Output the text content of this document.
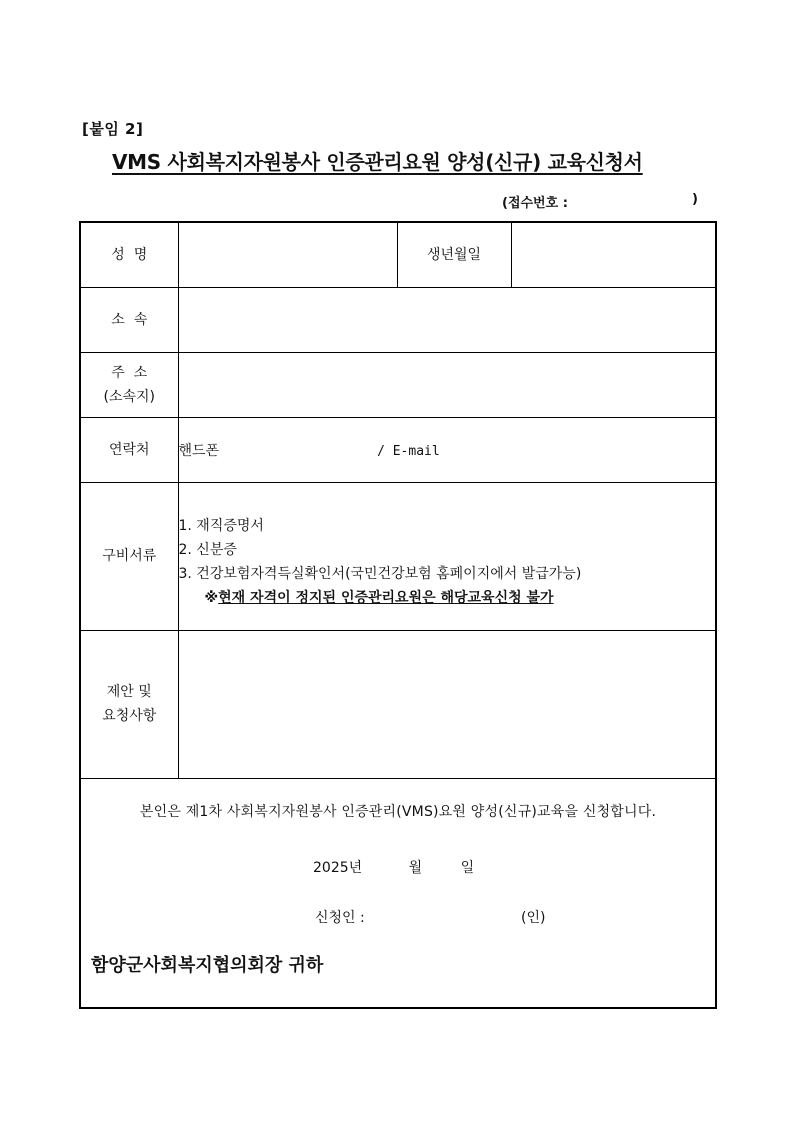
[붙임 2]
VMS 사회복지자원봉사 인증관리요원 양성(신규) 교육신청서
(접수번호 :	)
성  명		생년월일	
소  속			

주  소
(소속지)			

연락처	핸드폰 / E-mail		
구비서류	1. 재직증명서
2. 신분증
3. 건강보험자격득실확인서(국민건강보험 홈페이지에서 발급가능)
※현재 자격이 정지된 인증관리요원은 해당교육신청 불가		

제안 및
요청사항			

본인은 제1차 사회복지자원봉사 인증관리(VMS)요원 양성(신규)교육을 신청합니다.
2025년 월 일
신청인 : (인)
함양군사회복지협의회장 귀하			
